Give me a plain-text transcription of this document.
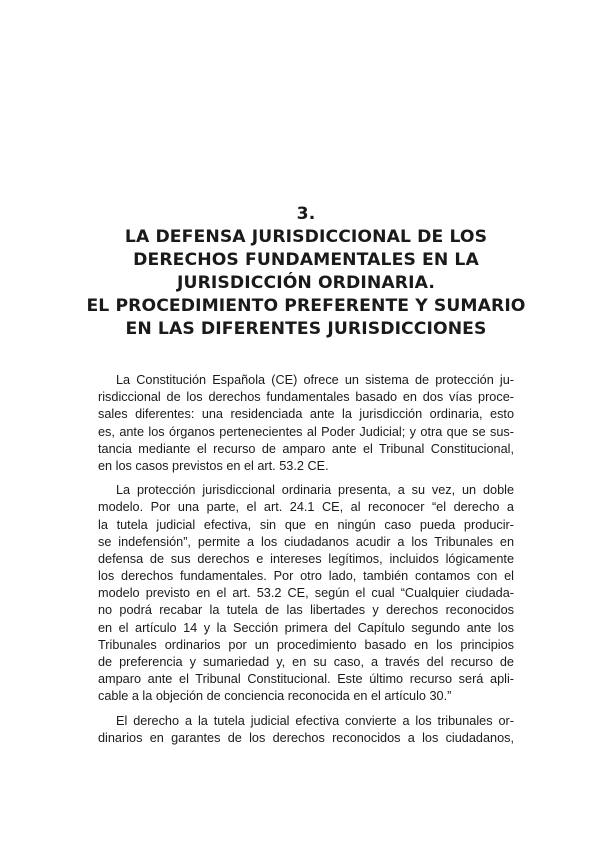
3.
LA DEFENSA JURISDICCIONAL DE LOS
DERECHOS FUNDAMENTALES EN LA
JURISDICCIÓN ORDINARIA.
EL PROCEDIMIENTO PREFERENTE Y SUMARIO
EN LAS DIFERENTES JURISDICCIONES

La Constitución Española (CE) ofrece un sistema de protección ju-
risdiccional de los derechos fundamentales basado en dos vías proce-
sales diferentes: una residenciada ante la jurisdicción ordinaria, esto
es, ante los órganos pertenecientes al Poder Judicial; y otra que se sus-
tancia mediante el recurso de amparo ante el Tribunal Constitucional,
en los casos previstos en el art. 53.2 CE.

La protección jurisdiccional ordinaria presenta, a su vez, un doble
modelo. Por una parte, el art. 24.1 CE, al reconocer “el derecho a
la tutela judicial efectiva, sin que en ningún caso pueda producir-
se indefensión”, permite a los ciudadanos acudir a los Tribunales en
defensa de sus derechos e intereses legítimos, incluidos lógicamente
los derechos fundamentales. Por otro lado, también contamos con el
modelo previsto en el art. 53.2 CE, según el cual “Cualquier ciudada-
no podrá recabar la tutela de las libertades y derechos reconocidos
en el artículo 14 y la Sección primera del Capítulo segundo ante los
Tribunales ordinarios por un procedimiento basado en los principios
de preferencia y sumariedad y, en su caso, a través del recurso de
amparo ante el Tribunal Constitucional. Este último recurso será apli-
cable a la objeción de conciencia reconocida en el artículo 30.”

El derecho a la tutela judicial efectiva convierte a los tribunales or-
dinarios en garantes de los derechos reconocidos a los ciudadanos,
